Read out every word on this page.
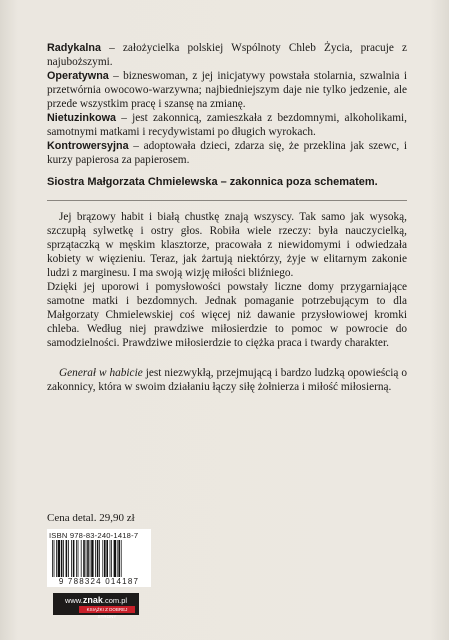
Radykalna – założycielka polskiej Wspólnoty Chleb Życia, pracuje z najuboższymi.

Operatywna – bizneswoman, z jej inicjatywy powstała stolarnia, szwalnia i przetwórnia owocowo-warzywna; najbiedniejszym daje nie tylko jedzenie, ale przede wszystkim pracę i szansę na zmianę.

Nietuzinkowa – jest zakonnicą, zamieszkała z bezdomnymi, alkoholikami, samotnymi matkami i recydywistami po długich wyrokach.

Kontrowersyjna – adoptowała dzieci, zdarza się, że przeklina jak szewc, i kurzy papierosa za papierosem.

Siostra Małgorzata Chmielewska – zakonnica poza schematem.

Jej brązowy habit i białą chustkę znają wszyscy. Tak samo jak wysoką, szczupłą sylwetkę i ostry głos. Robiła wiele rzeczy: była nauczycielką, sprzątaczką w męskim klasztorze, pracowała z niewidomymi i odwiedzała kobiety w więzieniu. Teraz, jak żartują niektórzy, żyje w elitarnym zakonie ludzi z marginesu. I ma swoją wizję miłości bliźniego.

Dzięki jej uporowi i pomysłowości powstały liczne domy przygarniające samotne matki i bezdomnych. Jednak pomaganie potrzebującym to dla Małgorzaty Chmielewskiej coś więcej niż dawanie przysłowiowej kromki chleba. Według niej prawdziwe miłosierdzie to pomoc w powrocie do samodzielności. Prawdziwe miłosierdzie to ciężka praca i twardy charakter.

Generał w habicie jest niezwykłą, przejmującą i bardzo ludzką opowieścią o zakonnicy, która w swoim działaniu łączy siłę żołnierza i miłość miłosierną.

Cena detal. 29,90 zł
ISBN 978-83-240-1418-7
9 788324 014187
www.znak.com.pl
KSIĄŻKI Z DOBREJ STRONY
